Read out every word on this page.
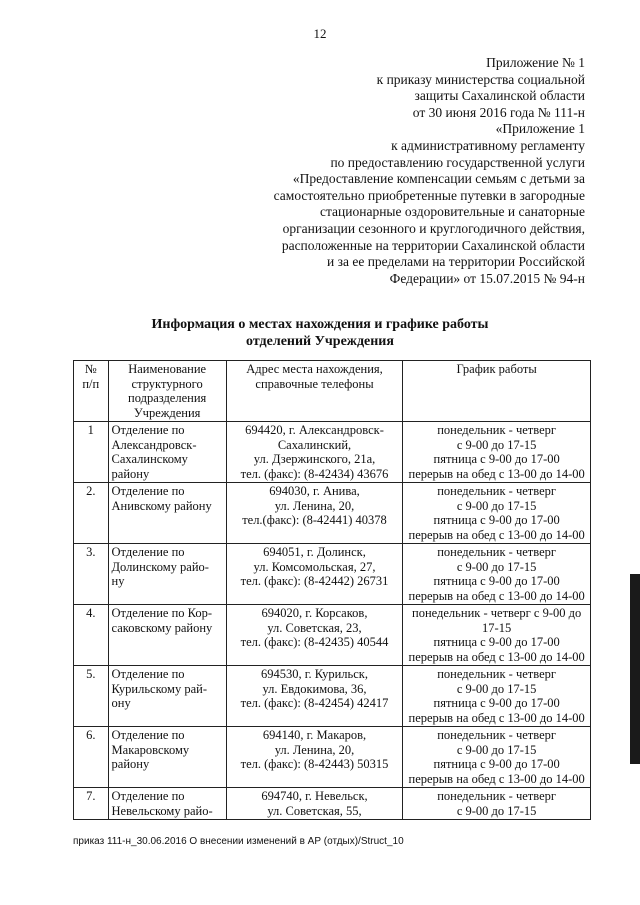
12
Приложение № 1
к приказу министерства социальной
защиты Сахалинской области
от 30 июня 2016 года № 111-н
«Приложение 1
к административному регламенту
по предоставлению государственной услуги
«Предоставление компенсации семьям с детьми за
самостоятельно приобретенные путевки в загородные
стационарные оздоровительные и санаторные
организации сезонного и круглогодичного действия,
расположенные на территории Сахалинской области
и за ее пределами на территории Российской
Федерации» от 15.07.2015 № 94-н
Информация о местах нахождения и графике работы
отделений Учреждения
№
п/п	Наименование
структурного
подразделения
Учреждения	Адрес места нахождения,
справочные телефоны	График работы
1	Отделение по
Александровск-
Сахалинскому
району	694420, г. Александровск-
Сахалинский,
ул. Дзержинского, 21а,
тел. (факс): (8-42434) 43676	понедельник - четверг
с 9-00 до 17-15
пятница с 9-00 до 17-00
перерыв на обед с 13-00 до 14-00
2.	Отделение по
Анивскому району	694030, г. Анива,
ул. Ленина, 20,
тел.(факс): (8-42441) 40378	понедельник - четверг
с 9-00 до 17-15
пятница с 9-00 до 17-00
перерыв на обед с 13-00 до 14-00
3.	Отделение по
Долинскому райо-
ну	694051, г. Долинск,
ул. Комсомольская, 27,
тел. (факс): (8-42442) 26731	понедельник - четверг
с 9-00 до 17-15
пятница с 9-00 до 17-00
перерыв на обед с 13-00 до 14-00
4.	Отделение по Кор-
саковскому району	694020, г. Корсаков,
ул. Советская, 23,
тел. (факс): (8-42435) 40544	понедельник - четверг с 9-00 до
17-15
пятница с 9-00 до 17-00
перерыв на обед с 13-00 до 14-00
5.	Отделение по
Курильскому рай-
ону	694530, г. Курильск,
ул. Евдокимова, 36,
тел. (факс): (8-42454) 42417	понедельник - четверг
с 9-00 до 17-15
пятница с 9-00 до 17-00
перерыв на обед с 13-00 до 14-00
6.	Отделение по
Макаровскому
району	694140, г. Макаров,
ул. Ленина, 20,
тел. (факс): (8-42443) 50315	понедельник - четверг
с 9-00 до 17-15
пятница с 9-00 до 17-00
перерыв на обед с 13-00 до 14-00
7.	Отделение по
Невельскому райо-	694740, г. Невельск,
ул. Советская, 55,	понедельник - четверг
с 9-00 до 17-15
приказ 111-н_30.06.2016 О внесении изменений в АР (отдых)/Struct_10
